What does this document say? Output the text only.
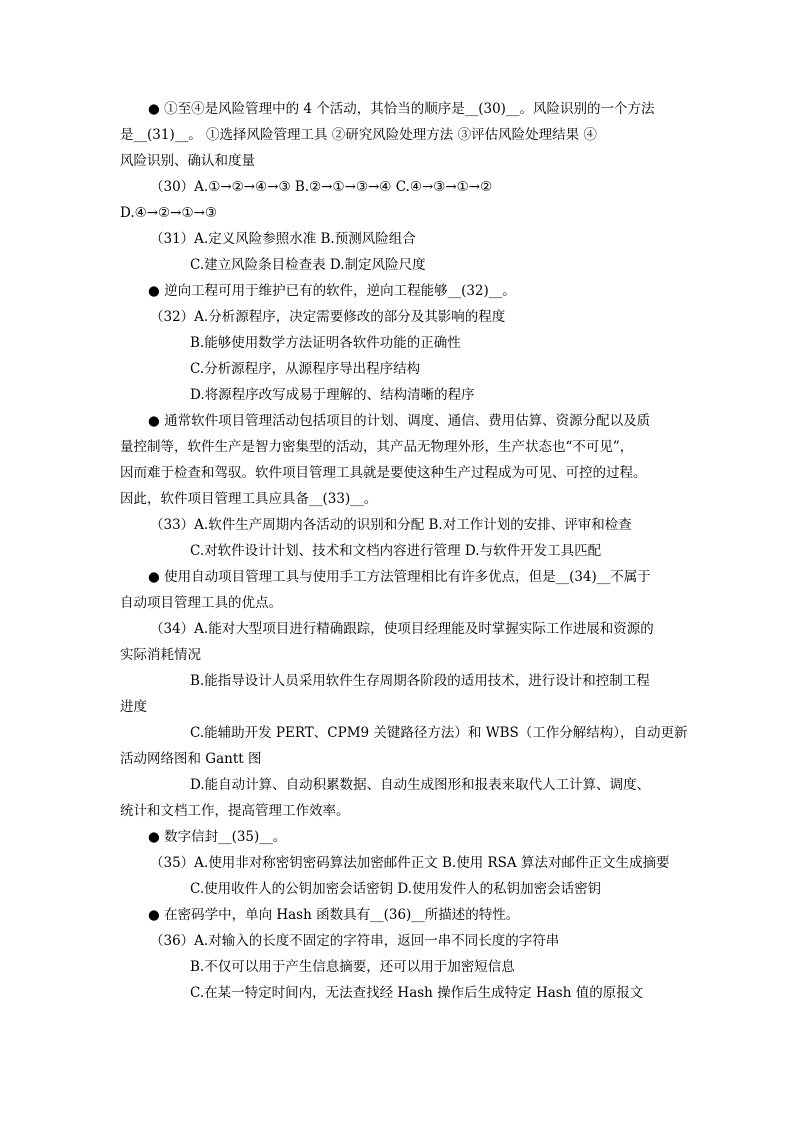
● ①至④是风险管理中的 4 个活动，其恰当的顺序是__(30)__。风险识别的一个方法
是__(31)__。 ①选择风险管理工具 ②研究风险处理方法 ③评估风险处理结果 ④
风险识别、确认和度量
（30）A.①→②→④→③ B.②→①→③→④ C.④→③→①→②
D.④→②→①→③
（31）A.定义风险参照水准 B.预测风险组合
C.建立风险条目检查表 D.制定风险尺度
● 逆向工程可用于维护已有的软件，逆向工程能够__(32)__。
（32）A.分析源程序，决定需要修改的部分及其影响的程度
B.能够使用数学方法证明各软件功能的正确性
C.分析源程序，从源程序导出程序结构
D.将源程序改写成易于理解的、结构清晰的程序
● 通常软件项目管理活动包括项目的计划、调度、通信、费用估算、资源分配以及质
量控制等，软件生产是智力密集型的活动，其产品无物理外形，生产状态也“不可见”，
因而难于检查和驾驭。软件项目管理工具就是要使这种生产过程成为可见、可控的过程。
因此，软件项目管理工具应具备__(33)__。
（33）A.软件生产周期内各活动的识别和分配 B.对工作计划的安排、评审和检查
C.对软件设计计划、技术和文档内容进行管理 D.与软件开发工具匹配
● 使用自动项目管理工具与使用手工方法管理相比有许多优点，但是__(34)__不属于
自动项目管理工具的优点。
（34）A.能对大型项目进行精确跟踪，使项目经理能及时掌握实际工作进展和资源的
实际消耗情况
B.能指导设计人员采用软件生存周期各阶段的适用技术，进行设计和控制工程
进度
C.能辅助开发 PERT、CPM9 关键路径方法）和 WBS（工作分解结构），自动更新
活动网络图和 Gantt 图
D.能自动计算、自动积累数据、自动生成图形和报表来取代人工计算、调度、
统计和文档工作，提高管理工作效率。
● 数字信封__(35)__。
（35）A.使用非对称密钥密码算法加密邮件正文 B.使用 RSA 算法对邮件正文生成摘要
C.使用收件人的公钥加密会话密钥 D.使用发件人的私钥加密会话密钥
● 在密码学中，单向 Hash 函数具有__(36)__所描述的特性。
（36）A.对输入的长度不固定的字符串，返回一串不同长度的字符串
B.不仅可以用于产生信息摘要，还可以用于加密短信息
C.在某一特定时间内，无法查找经 Hash 操作后生成特定 Hash 值的原报文
